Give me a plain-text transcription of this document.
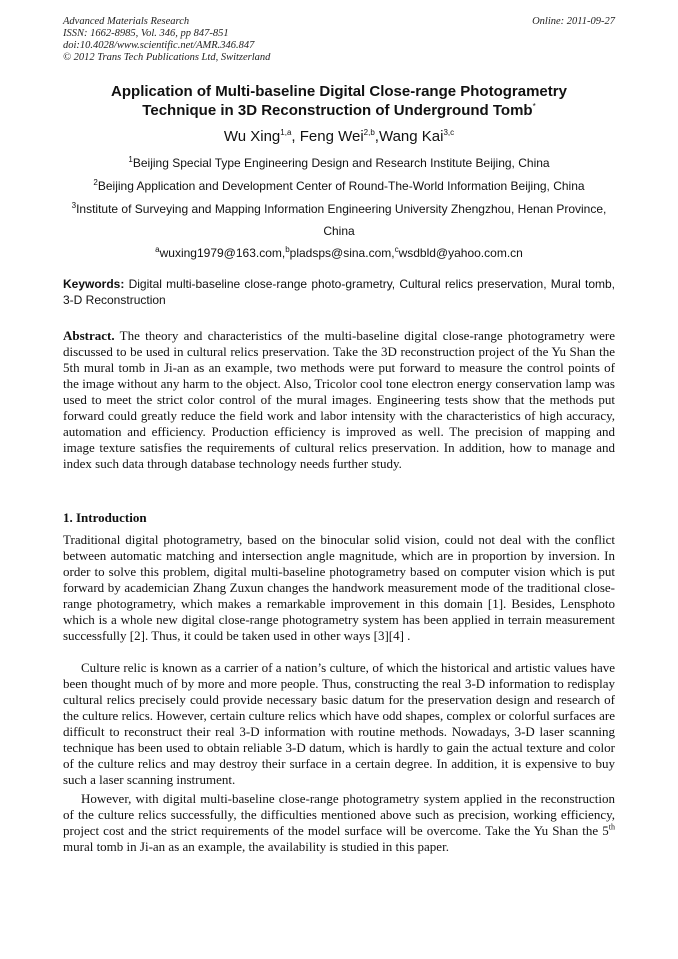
Advanced Materials Research
ISSN: 1662-8985, Vol. 346, pp 847-851
doi:10.4028/www.scientific.net/AMR.346.847
© 2012 Trans Tech Publications Ltd, Switzerland
Online: 2011-09-27
Application of Multi-baseline Digital Close-range Photogrametry
Technique in 3D Reconstruction of Underground Tomb*
Wu Xing$^{1,a}$, Feng Wei$^{2,b}$,Wang Kai$^{3,c}$
$^1$Beijing Special Type Engineering Design and Research Institute Beijing, China
$^2$Beijing Application and Development Center of Round-The-World Information Beijing, China
$^3$Institute of Surveying and Mapping Information Engineering University Zhengzhou, Henan Province, China
$^a$wuxing1979@163.com,$^b$pladsps@sina.com,$^c$wsdbld@yahoo.com.cn
Keywords: Digital multi-baseline close-range photo-grametry, Cultural relics preservation, Mural tomb, 3-D Reconstruction
Abstract. The theory and characteristics of the multi-baseline digital close-range photogrametry were discussed to be used in cultural relics preservation. Take the 3D reconstruction project of the Yu Shan the 5th mural tomb in Ji-an as an example, two methods were put forward to measure the control points of the image without any harm to the object. Also, Tricolor cool tone electron energy conservation lamp was used to meet the strict color control of the mural images. Engineering tests show that the methods put forward could greatly reduce the field work and labor intensity with the characteristics of high accuracy, automation and efficiency. Production efficiency is improved as well. The precision of mapping and image texture satisfies the requirements of cultural relics preservation. In addition, how to manage and index such data through database technology needs further study.
1. Introduction
Traditional digital photogrametry, based on the binocular solid vision, could not deal with the conflict between automatic matching and intersection angle magnitude, which are in proportion by inversion. In order to solve this problem, digital multi-baseline photogrametry based on computer vision which is put forward by academician Zhang Zuxun changes the handwork measurement mode of the traditional close-range photogrametry, which makes a remarkable improvement in this domain [1]. Besides, Lensphoto which is a whole new digital close-range photogrametry system has been applied in terrain measurement successfully [2]. Thus, it could be taken used in other ways [3][4] .
Culture relic is known as a carrier of a nation’s culture, of which the historical and artistic values have been thought much of by more and more people. Thus, constructing the real 3-D information to redisplay cultural relics precisely could provide necessary basic datum for the preservation design and research of the culture relics. However, certain culture relics which have odd shapes, complex or colorful surfaces are difficult to reconstruct their real 3-D information with routine methods. Nowadays, 3-D laser scanning technique has been used to obtain reliable 3-D datum, which is hardly to gain the actual texture and color of the culture relics and may destroy their surface in a certain degree. In addition, it is expensive to buy such a laser scanning instrument.
However, with digital multi-baseline close-range photogrametry system applied in the reconstruction of the culture relics successfully, the difficulties mentioned above such as precision, working efficiency, project cost and the strict requirements of the model surface will be overcome. Take the Yu Shan the 5th mural tomb in Ji-an as an example, the availability is studied in this paper.
